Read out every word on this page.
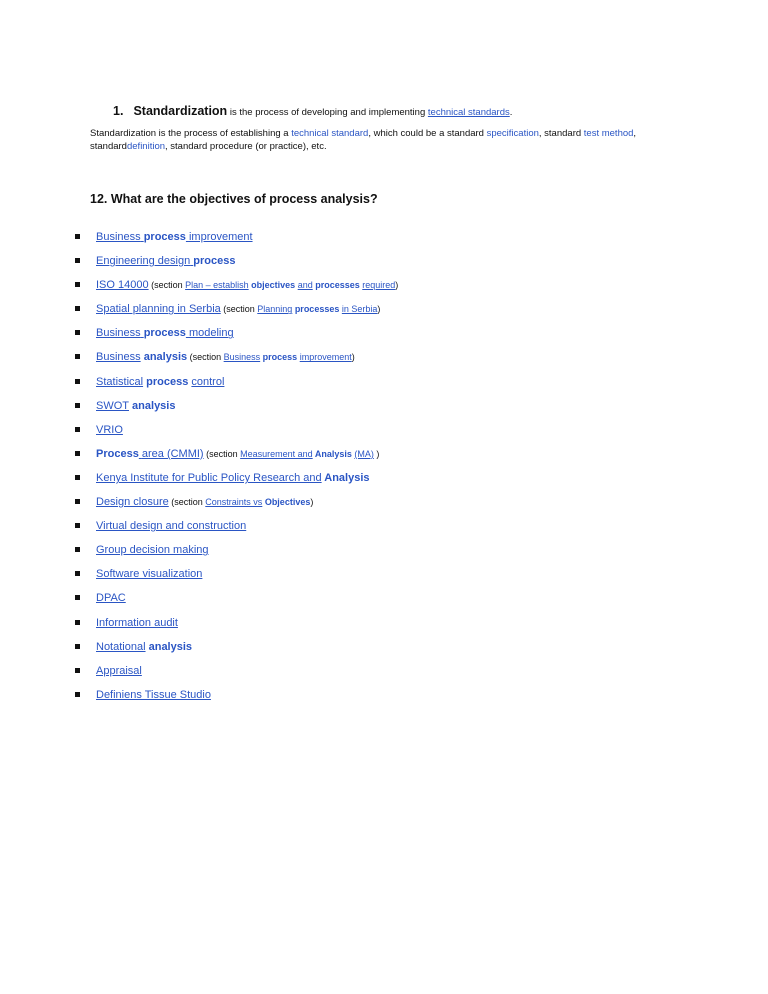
1. Standardization is the process of developing and implementing technical standards.
Standardization is the process of establishing a technical standard, which could be a standard specification, standard test method, standarddefinition, standard procedure (or practice), etc.
12. What are the objectives of process analysis?
Business process improvement
Engineering design process
ISO 14000 (section Plan – establish objectives and processes required)
Spatial planning in Serbia (section Planning processes in Serbia)
Business process modeling
Business analysis (section Business process improvement)
Statistical process control
SWOT analysis
VRIO
Process area (CMMI) (section Measurement and Analysis (MA) )
Kenya Institute for Public Policy Research and Analysis
Design closure (section Constraints vs Objectives)
Virtual design and construction
Group decision making
Software visualization
DPAC
Information audit
Notational analysis
Appraisal
Definiens Tissue Studio
